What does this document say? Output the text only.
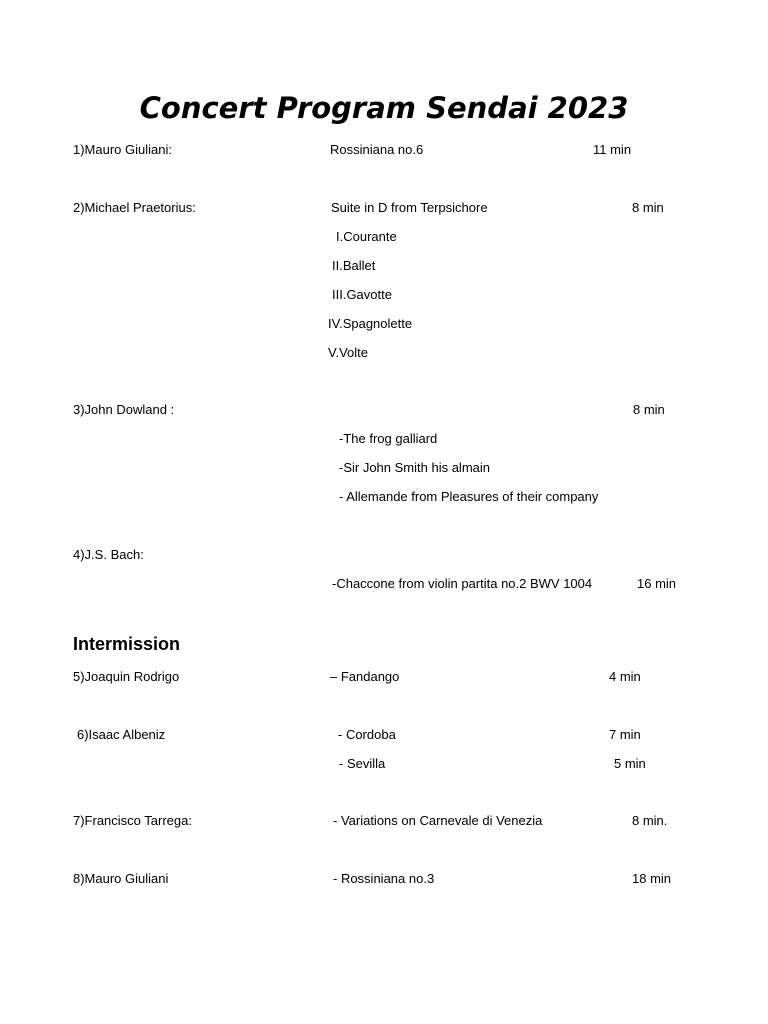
Concert Program Sendai 2023
1)Mauro Giuliani:	Rossiniana no.6	11 min
2)Michael Praetorius:	Suite in D from Terpsichore	8 min
I.Courante
II.Ballet
III.Gavotte
IV.Spagnolette
V.Volte
3)John Dowland :	8 min
-The frog galliard
-Sir John Smith his almain
- Allemande from Pleasures of their company
4)J.S. Bach:
-Chaccone from violin partita no.2 BWV 1004	16 min
Intermission
5)Joaquin Rodrigo	– Fandango	4 min
6)Isaac Albeniz	- Cordoba	7 min
- Sevilla	5 min
7)Francisco Tarrega:	- Variations on Carnevale di Venezia	8 min.
8)Mauro Giuliani	- Rossiniana no.3	18 min
